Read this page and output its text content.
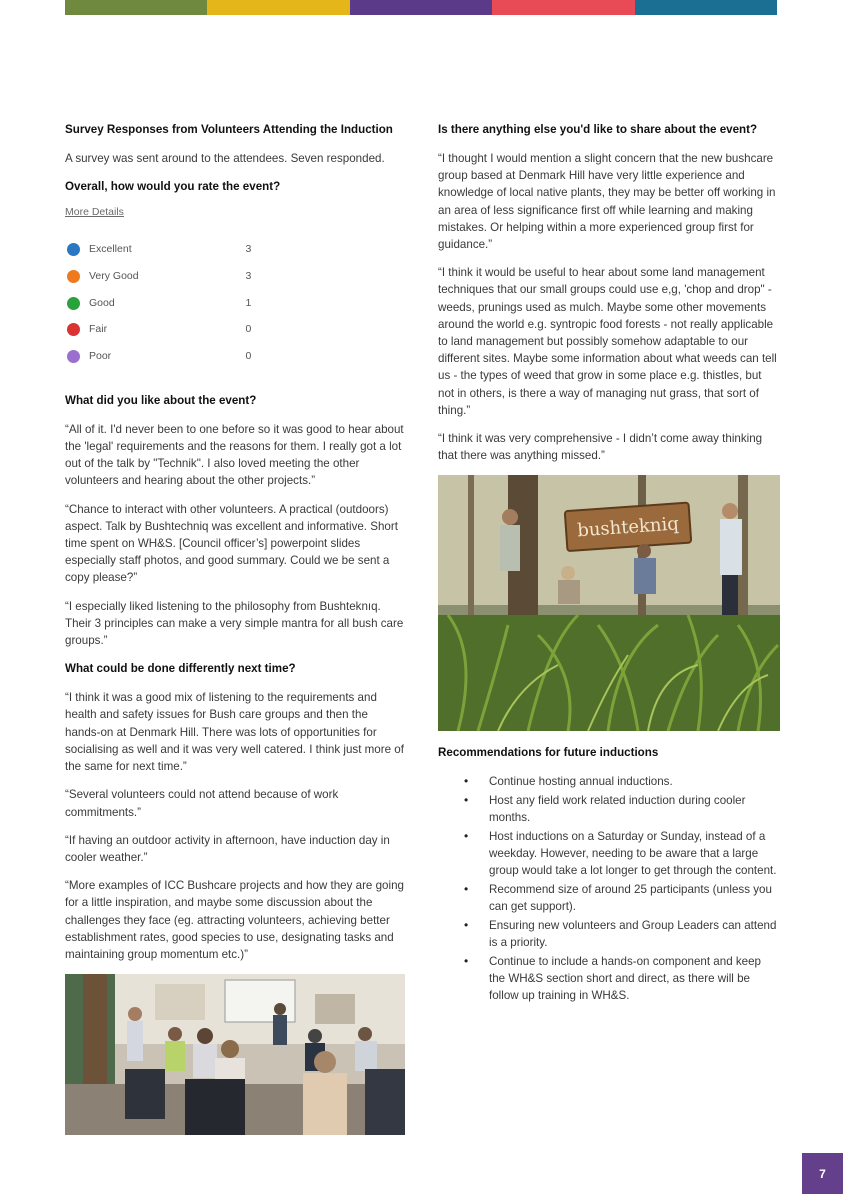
Survey Responses from Volunteers Attending the Induction

A survey was sent around to the attendees. Seven responded.

Overall, how would you rate the event?
More Details
Excellent	3
Very Good	3
Good	1
Fair	0
Poor	0
What did you like about the event?

“All of it. I'd never been to one before so it was good to hear about the 'legal' requirements and the reasons for them. I really got a lot out of the talk by "Technik". I also loved meeting the other volunteers and hearing about the other projects.”

“Chance to interact with other volunteers. A practical (outdoors) aspect. Talk by Bushtechniq was excellent and informative. Short time spent on WH&S. [Council officer’s] powerpoint slides especially staff photos, and good summary. Could we be sent a copy please?”

“I especially liked listening to the philosophy from Bushteknıq. Their 3 principles can make a very simple mantra for all bush care groups.”

What could be done differently next time?

“I think it was a good mix of listening to the requirements and health and safety issues for Bush care groups and then the hands-on at Denmark Hill. There was lots of opportunities for socialising as well and it was very well catered. I think just more of the same for next time.”

“Several volunteers could not attend because of work commitments.”

“If having an outdoor activity in afternoon, have induction day in cooler weather.”

“More examples of ICC Bushcare projects and how they are going for a little inspiration, and maybe some discussion about the challenges they face (eg. attracting volunteers, achieving better establishment rates, good species to use, designating tasks and maintaining group momentum etc.)”

Is there anything else you'd like to share about the event?

“I thought I would mention a slight concern that the new bushcare group based at Denmark Hill have very little experience and knowledge of local native plants, they may be better off working in an area of less significance first off while learning and making mistakes. Or helping within a more experienced group first for guidance.”

“I think it would be useful to hear about some land management techniques that our small groups could use e,g, 'chop and drop" - weeds, prunings used as mulch. Maybe some other movements around the world e.g. syntropic food forests - not really applicable to land management but possibly somehow adaptable to our different sites. Maybe some information about what weeds can tell us - the types of weed that grow in some place e.g. thistles, but not in others, is there a way of managing nut grass, that sort of thing.”

“I think it was very comprehensive - I didn’t come away thinking that there was anything missed.”

bushtekniq
Recommendations for future inductions
• Continue hosting annual inductions.
• Host any field work related induction during cooler months.
• Host inductions on a Saturday or Sunday, instead of a weekday. However, needing to be aware that a large group would take a lot longer to get through the content.
• Recommend size of around 25 participants (unless you can get support).
• Ensuring new volunteers and Group Leaders can attend is a priority.
• Continue to include a hands-on component and keep the WH&S section short and direct, as there will be follow up training in WH&S.
7
